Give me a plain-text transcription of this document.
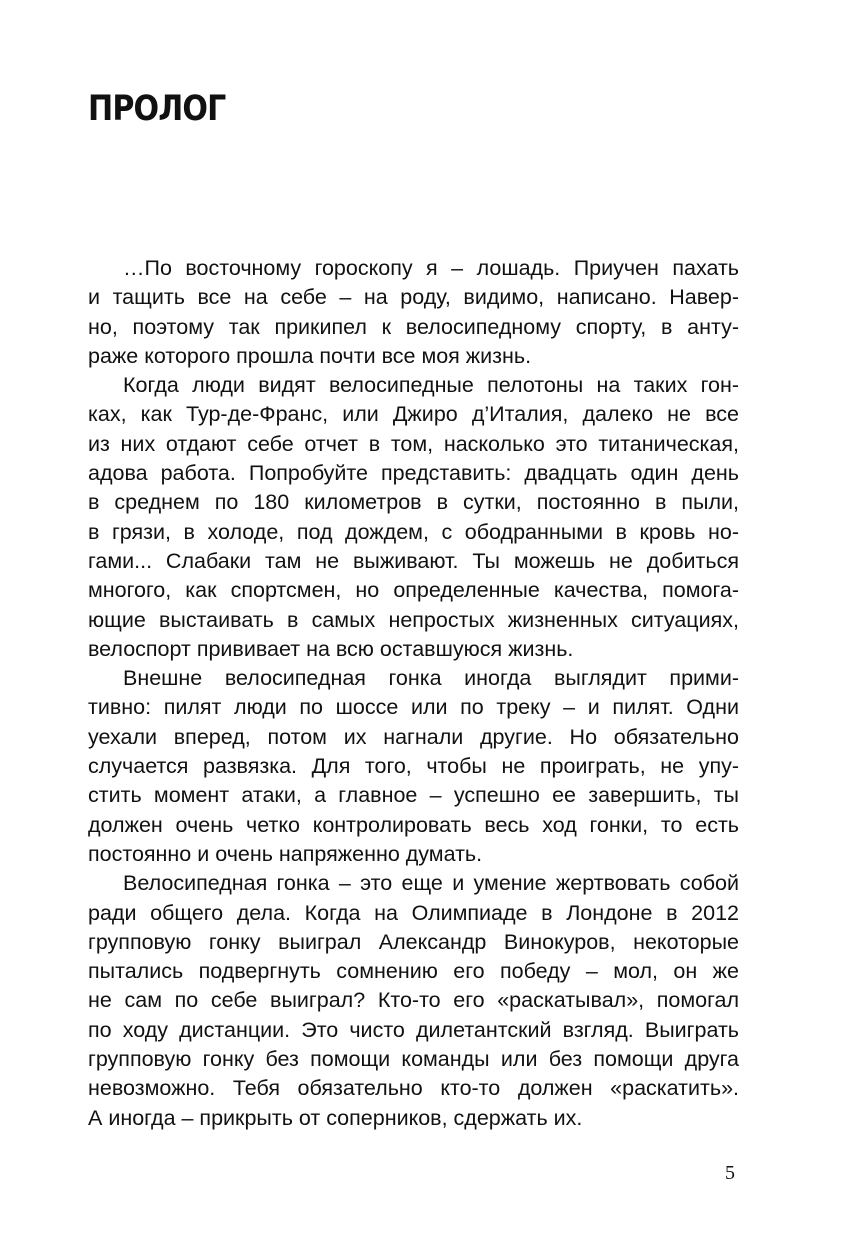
ПРОЛОГ
…По восточному гороскопу я – лошадь. Приучен пахать
и тащить все на себе – на роду, видимо, написано. Навер-
но, поэтому так прикипел к велосипедному спорту, в анту-
раже которого прошла почти все моя жизнь.
Когда люди видят велосипедные пелотоны на таких гон-
ках, как Тур-де-Франс, или Джиро д’Италия, далеко не все
из них отдают себе отчет в том, насколько это титаническая,
адова работа. Попробуйте представить: двадцать один день
в среднем по 180 километров в сутки, постоянно в пыли,
в грязи, в холоде, под дождем, с ободранными в кровь но-
гами... Слабаки там не выживают. Ты можешь не добиться
многого, как спортсмен, но определенные качества, помога-
ющие выстаивать в самых непростых жизненных ситуациях,
велоспорт прививает на всю оставшуюся жизнь.
Внешне велосипедная гонка иногда выглядит прими-
тивно: пилят люди по шоссе или по треку – и пилят. Одни
уехали вперед, потом их нагнали другие. Но обязательно
случается развязка. Для того, чтобы не проиграть, не упу-
стить момент атаки, а главное – успешно ее завершить, ты
должен очень четко контролировать весь ход гонки, то есть
постоянно и очень напряженно думать.
Велосипедная гонка – это еще и умение жертвовать собой
ради общего дела. Когда на Олимпиаде в Лондоне в 2012
групповую гонку выиграл Александр Винокуров, некоторые
пытались подвергнуть сомнению его победу – мол, он же
не сам по себе выиграл? Кто-то его «раскатывал», помогал
по ходу дистанции. Это чисто дилетантский взгляд. Выиграть
групповую гонку без помощи команды или без помощи друга
невозможно. Тебя обязательно кто-то должен «раскатить».
А иногда – прикрыть от соперников, сдержать их.
5
